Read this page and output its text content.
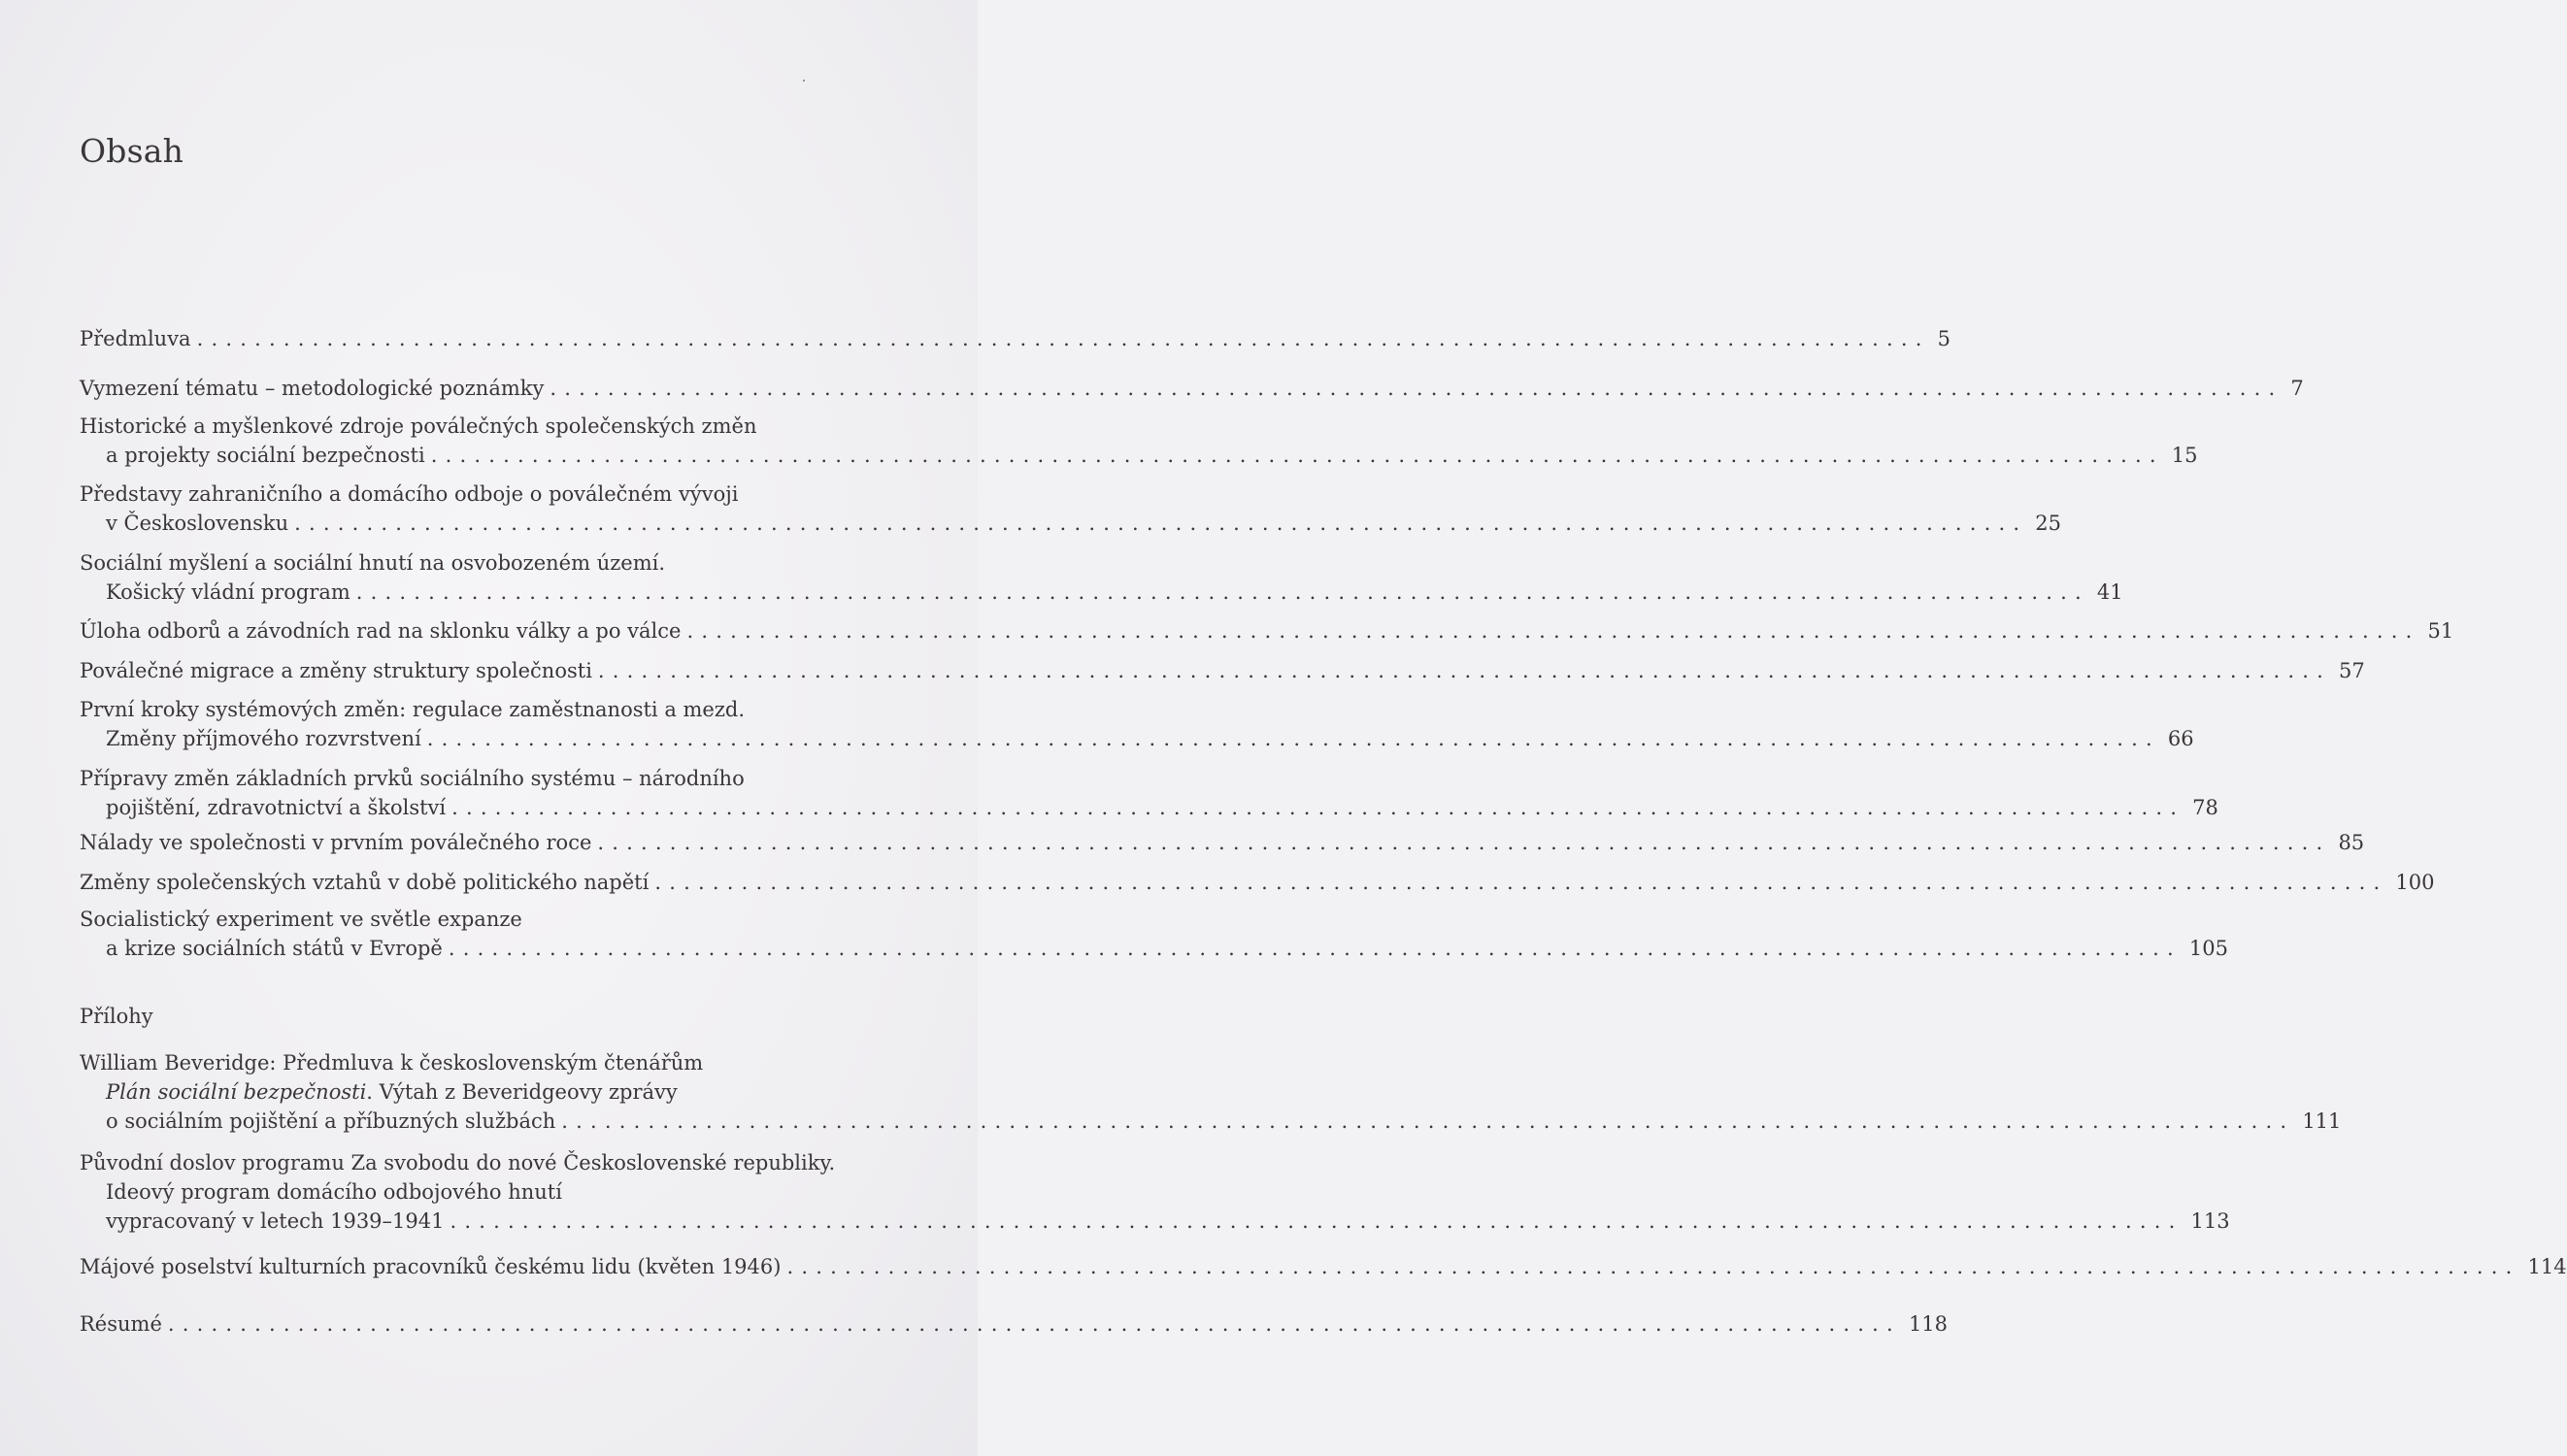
Obsah
Předmluva ........................................................................................................................ 5
Vymezení tématu – metodologické poznámky ........................................................................................................................ 7
Historické a myšlenkové zdroje poválečných společenských změn
a projekty sociální bezpečnosti ........................................................................................................................ 15
Představy zahraničního a domácího odboje o poválečném vývoji
v Československu ........................................................................................................................ 25
Sociální myšlení a sociální hnutí na osvobozeném území.
Košický vládní program ........................................................................................................................ 41
Úloha odborů a závodních rad na sklonku války a po válce ........................................................................................................................ 51
Poválečné migrace a změny struktury společnosti ........................................................................................................................ 57
První kroky systémových změn: regulace zaměstnanosti a mezd.
Změny příjmového rozvrstvení ........................................................................................................................ 66
Přípravy změn základních prvků sociálního systému – národního
pojištění, zdravotnictví a školství ........................................................................................................................ 78
Nálady ve společnosti v prvním poválečného roce ........................................................................................................................ 85
Změny společenských vztahů v době politického napětí ........................................................................................................................ 100
Socialistický experiment ve světle expanze
a krize sociálních států v Evropě ........................................................................................................................ 105
Přílohy
William Beveridge: Předmluva k československým čtenářům
Plán sociální bezpečnosti. Výtah z Beveridgeovy zprávy
o sociálním pojištění a příbuzných službách ........................................................................................................................ 111
Původní doslov programu Za svobodu do nové Československé republiky.
Ideový program domácího odbojového hnutí
vypracovaný v letech 1939–1941 ........................................................................................................................ 113
Májové poselství kulturních pracovníků českému lidu (květen 1946) ........................................................................................................................ 114
Résumé ........................................................................................................................ 118
